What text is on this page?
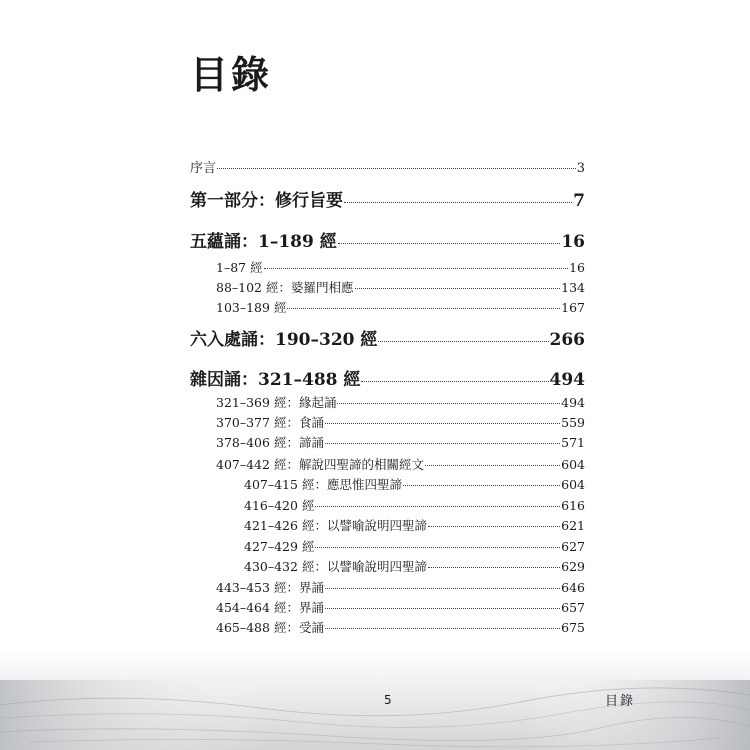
目錄
序言	3
第一部分：修行旨要	7
五蘊誦：1–189 經	16
1–87 經	16
88–102 經：婆羅門相應	134
103–189 經	167
六入處誦：190–320 經	266
雜因誦：321–488 經	494
321–369 經：緣起誦	494
370–377 經：食誦	559
378–406 經：諦誦	571
407–442 經：解說四聖諦的相關經文	604
407–415 經：應思惟四聖諦	604
416–420 經	616
421–426 經：以譬喻說明四聖諦	621
427–429 經	627
430–432 經：以譬喻說明四聖諦	629
443–453 經：界誦	646
454–464 經：界誦	657
465–488 經：受誦	675
5	目錄
